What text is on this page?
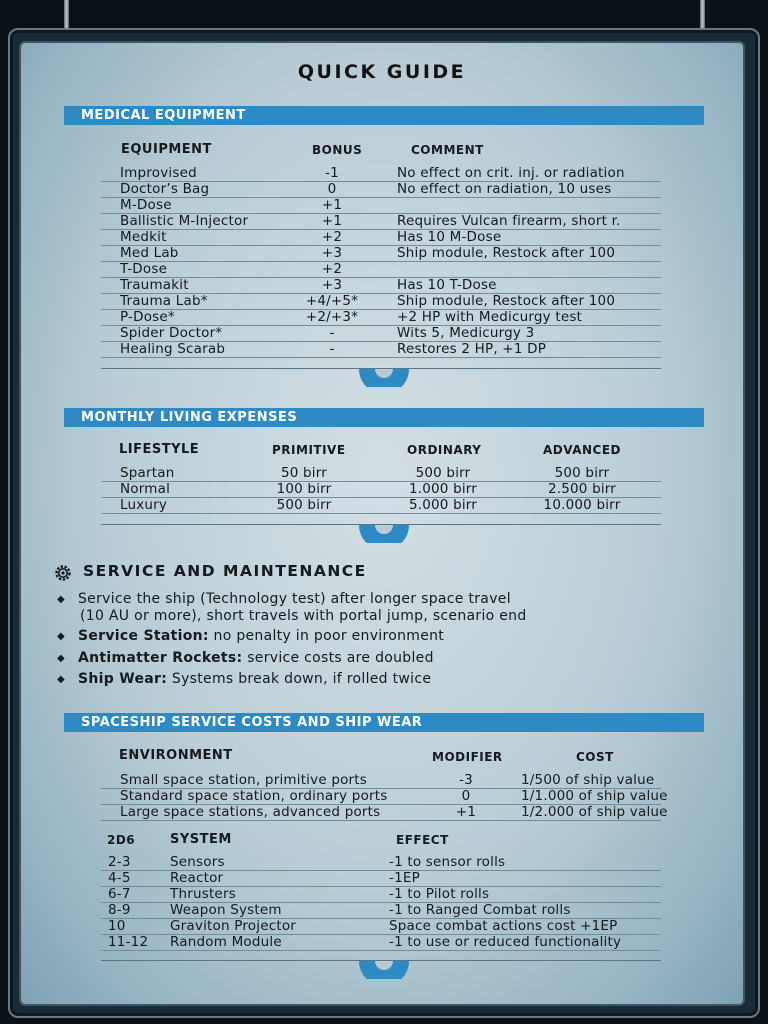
QUICK GUIDE
MEDICAL EQUIPMENT
EQUIPMENT	BONUS	COMMENT
Improvised	-1	No effect on crit. inj. or radiation
Doctor’s Bag	0	No effect on radiation, 10 uses
M-Dose	+1
Ballistic M-Injector	+1	Requires Vulcan firearm, short r.
Medkit	+2	Has 10 M-Dose
Med Lab	+3	Ship module, Restock after 100
T-Dose	+2
Traumakit	+3	Has 10 T-Dose
Trauma Lab*	+4/+5*	Ship module, Restock after 100
P-Dose*	+2/+3*	+2 HP with Medicurgy test
Spider Doctor*	-	Wits 5, Medicurgy 3
Healing Scarab	-	Restores 2 HP, +1 DP
MONTHLY LIVING EXPENSES
LIFESTYLE	PRIMITIVE	ORDINARY	ADVANCED
Spartan	50 birr	500 birr	500 birr
Normal	100 birr	1.000 birr	2.500 birr
Luxury	500 birr	5.000 birr	10.000 birr
SERVICE AND MAINTENANCE
◆ Service the ship (Technology test) after longer space travel
(10 AU or more), short travels with portal jump, scenario end
◆ Service Station: no penalty in poor environment
◆ Antimatter Rockets: service costs are doubled
◆ Ship Wear: Systems break down, if rolled twice
SPACESHIP SERVICE COSTS AND SHIP WEAR
ENVIRONMENT	MODIFIER	COST
Small space station, primitive ports	-3	1/500 of ship value
Standard space station, ordinary ports	0	1/1.000 of ship value
Large space stations, advanced ports	+1	1/2.000 of ship value
2D6	SYSTEM	EFFECT
2-3	Sensors	-1 to sensor rolls
4-5	Reactor	-1EP
6-7	Thrusters	-1 to Pilot rolls
8-9	Weapon System	-1 to Ranged Combat rolls
10	Graviton Projector	Space combat actions cost +1EP
11-12 Random Module	-1 to use or reduced functionality
